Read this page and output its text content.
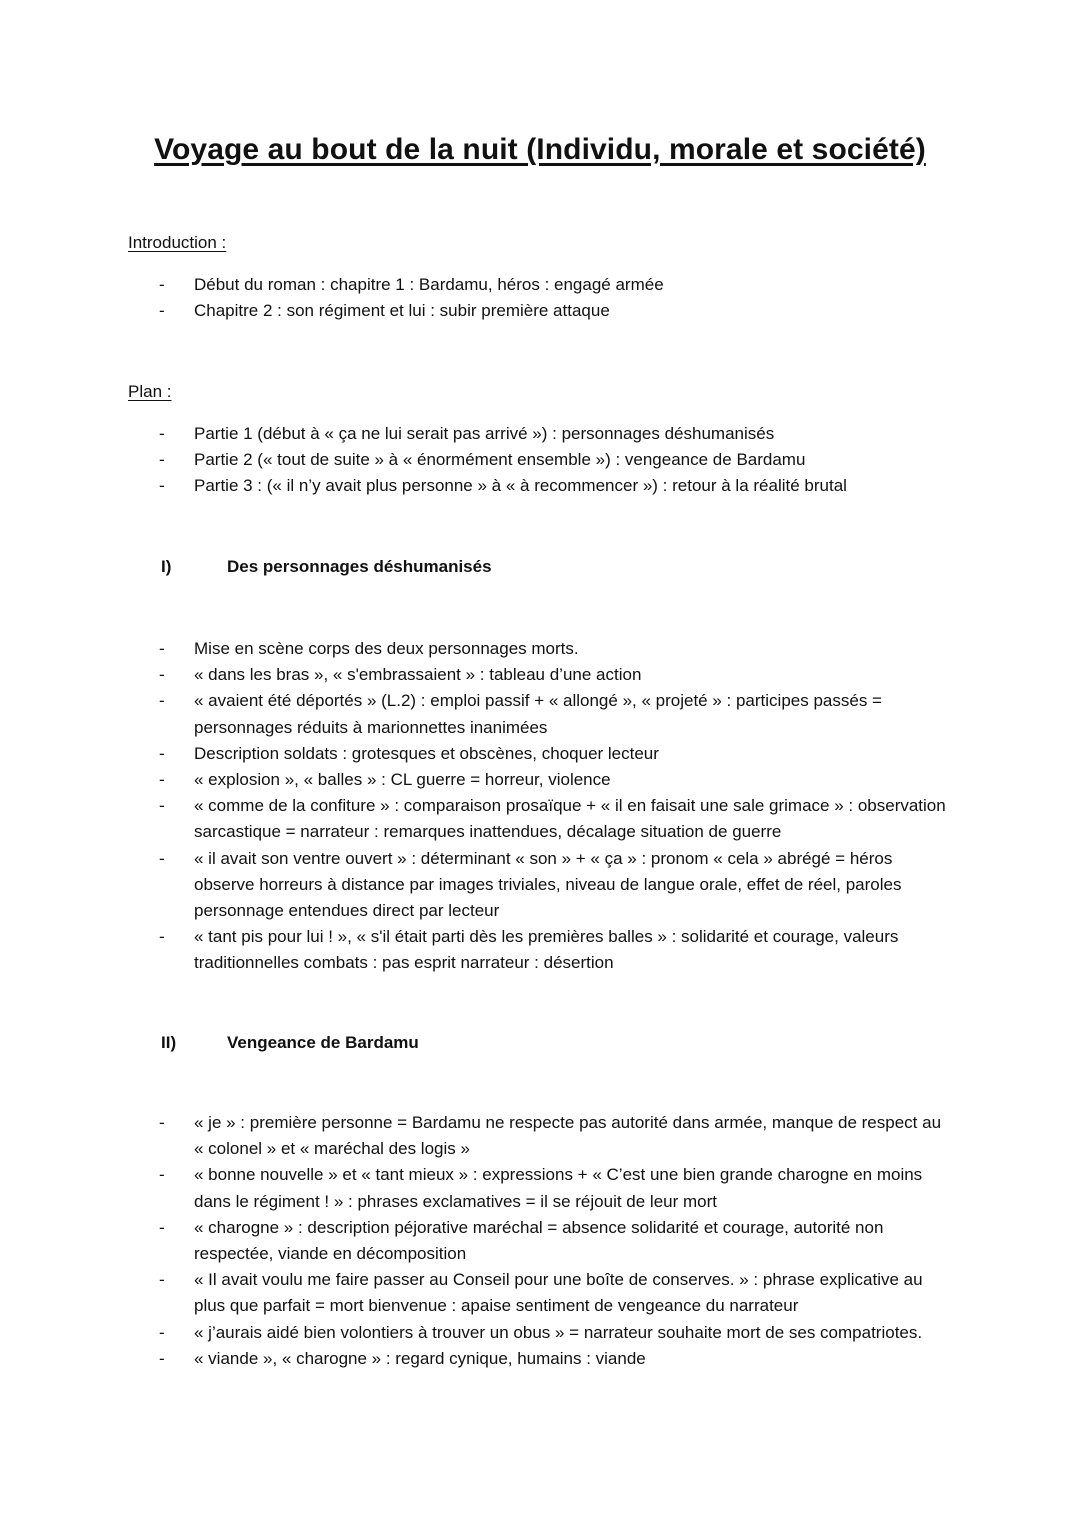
Voyage au bout de la nuit (Individu, morale et société)
Introduction :
- Début du roman : chapitre 1 : Bardamu, héros : engagé armée
- Chapitre 2 : son régiment et lui : subir première attaque
Plan :
- Partie 1 (début à « ça ne lui serait pas arrivé ») : personnages déshumanisés
- Partie 2 (« tout de suite » à « énormément ensemble ») : vengeance de Bardamu
- Partie 3 : (« il n’y avait plus personne » à « à recommencer ») : retour à la réalité brutal
I)	Des personnages déshumanisés
- Mise en scène corps des deux personnages morts.
- « dans les bras », « s'embrassaient » : tableau d’une action
- « avaient été déportés » (L.2) : emploi passif + « allongé », « projeté » : participes passés = personnages réduits à marionnettes inanimées
- Description soldats : grotesques et obscènes, choquer lecteur
- « explosion », « balles » : CL guerre = horreur, violence
- « comme de la confiture » : comparaison prosaïque + « il en faisait une sale grimace » : observation sarcastique = narrateur : remarques inattendues, décalage situation de guerre
- « il avait son ventre ouvert » : déterminant « son » + « ça » : pronom « cela » abrégé = héros observe horreurs à distance par images triviales, niveau de langue orale, effet de réel, paroles personnage entendues direct par lecteur
- « tant pis pour lui ! », « s'il était parti dès les premières balles » : solidarité et courage, valeurs traditionnelles combats : pas esprit narrateur : désertion
II)	Vengeance de Bardamu
- « je » : première personne = Bardamu ne respecte pas autorité dans armée, manque de respect au « colonel » et « maréchal des logis »
- « bonne nouvelle » et « tant mieux » : expressions + « C’est une bien grande charogne en moins dans le régiment ! » : phrases exclamatives = il se réjouit de leur mort
- « charogne » : description péjorative maréchal = absence solidarité et courage, autorité non respectée, viande en décomposition
- « Il avait voulu me faire passer au Conseil pour une boîte de conserves. » : phrase explicative au plus que parfait = mort bienvenue : apaise sentiment de vengeance du narrateur
- « j’aurais aidé bien volontiers à trouver un obus » = narrateur souhaite mort de ses compatriotes.
- « viande », « charogne » : regard cynique, humains : viande
